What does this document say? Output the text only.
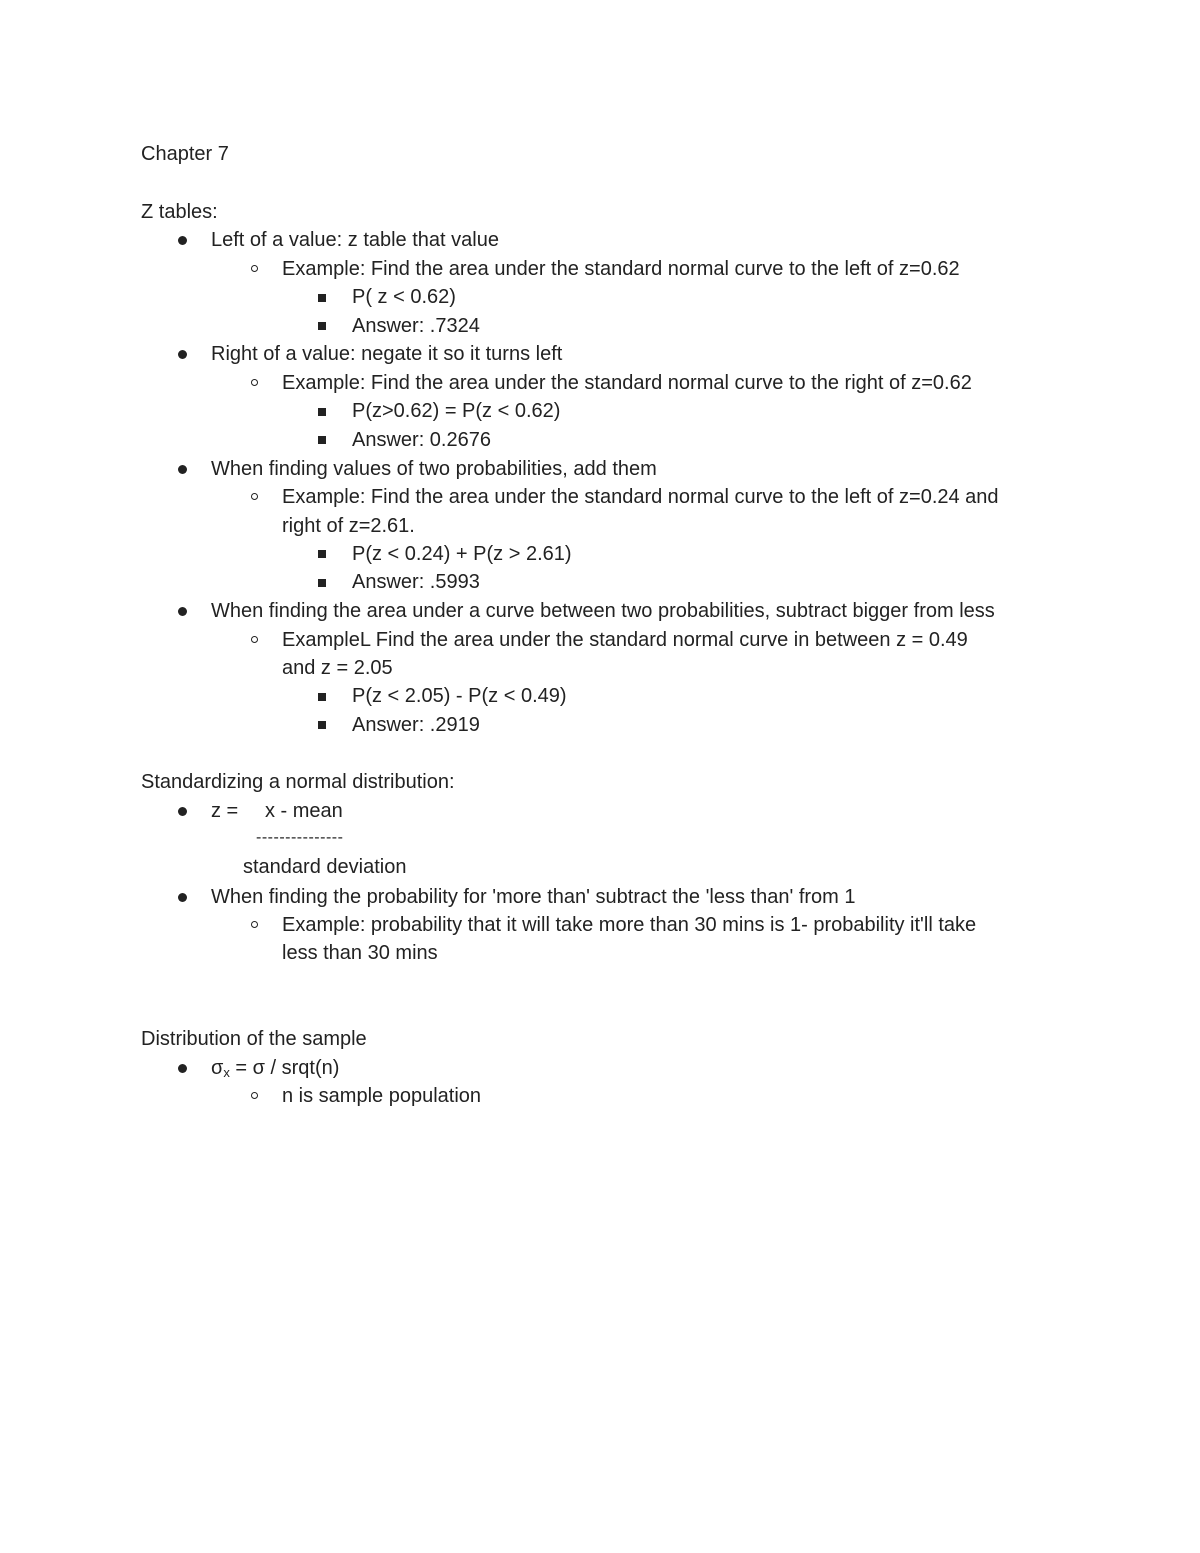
Chapter 7
Z tables:
Left of a value: z table that value
Example: Find the area under the standard normal curve to the left of z=0.62
P( z < 0.62)
Answer: .7324
Right of a value: negate it so it turns left
Example: Find the area under the standard normal curve to the right of z=0.62
P(z>0.62) = P(z < 0.62)
Answer: 0.2676
When finding values of two probabilities, add them
Example: Find the area under the standard normal curve to the left of z=0.24 and
right of z=2.61.
P(z < 0.24) + P(z > 2.61)
Answer: .5993
When finding the area under a curve between two probabilities, subtract bigger from less
ExampleL Find the area under the standard normal curve in between z = 0.49
and z = 2.05
P(z < 2.05) - P(z < 0.49)
Answer: .2919
Standardizing a normal distribution:
z = x - mean
---------------
standard deviation
When finding the probability for 'more than' subtract the 'less than' from 1
Example: probability that it will take more than 30 mins is 1- probability it'll take
less than 30 mins
Distribution of the sample
$\sigma_x = \sigma$ / srqt(n)
n is sample population
